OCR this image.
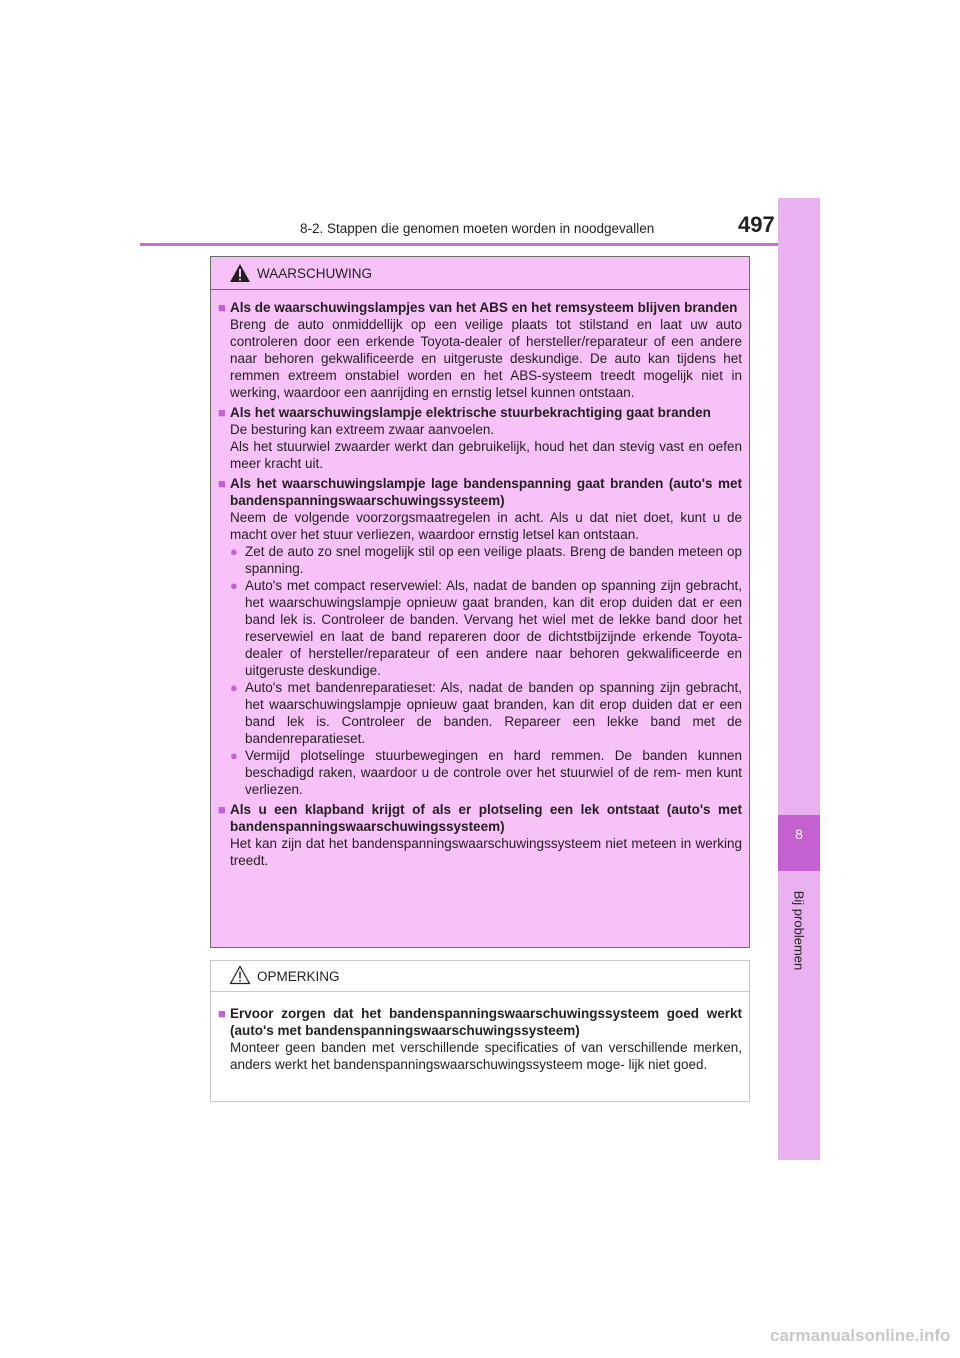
8-2. Stappen die genomen moeten worden in noodgevallen	497
8
Bij problemen
WAARSCHUWING
■ Als de waarschuwingslampjes van het ABS en het remsysteem blijven branden
Breng de auto onmiddellijk op een veilige plaats tot stilstand en laat uw auto controleren door een erkende Toyota-dealer of hersteller/reparateur of een andere naar behoren gekwalificeerde en uitgeruste deskundige. De auto kan tijdens het remmen extreem onstabiel worden en het ABS-systeem treedt mogelijk niet in werking, waardoor een aanrijding en ernstig letsel kunnen ontstaan.
■ Als het waarschuwingslampje elektrische stuurbekrachtiging gaat branden
De besturing kan extreem zwaar aanvoelen.
Als het stuurwiel zwaarder werkt dan gebruikelijk, houd het dan stevig vast en oefen meer kracht uit.
■ Als het waarschuwingslampje lage bandenspanning gaat branden (auto's met bandenspanningswaarschuwingssysteem)
Neem de volgende voorzorgsmaatregelen in acht. Als u dat niet doet, kunt u de macht over het stuur verliezen, waardoor ernstig letsel kan ontstaan.
● Zet de auto zo snel mogelijk stil op een veilige plaats. Breng de banden meteen op spanning.
● Auto's met compact reservewiel: Als, nadat de banden op spanning zijn gebracht, het waarschuwingslampje opnieuw gaat branden, kan dit erop duiden dat er een band lek is. Controleer de banden. Vervang het wiel met de lekke band door het reservewiel en laat de band repareren door de dichtstbijzijnde erkende Toyota-dealer of hersteller/reparateur of een andere naar behoren gekwalificeerde en uitgeruste deskundige.
● Auto's met bandenreparatieset: Als, nadat de banden op spanning zijn gebracht, het waarschuwingslampje opnieuw gaat branden, kan dit erop duiden dat er een band lek is. Controleer de banden. Repareer een lekke band met de bandenreparatieset.
● Vermijd plotselinge stuurbewegingen en hard remmen. De banden kunnen beschadigd raken, waardoor u de controle over het stuurwiel of de rem- men kunt verliezen.
■ Als u een klapband krijgt of als er plotseling een lek ontstaat (auto's met bandenspanningswaarschuwingssysteem)
Het kan zijn dat het bandenspanningswaarschuwingssysteem niet meteen in werking treedt.
OPMERKING
■ Ervoor zorgen dat het bandenspanningswaarschuwingssysteem goed werkt (auto's met bandenspanningswaarschuwingssysteem)
Monteer geen banden met verschillende specificaties of van verschillende merken, anders werkt het bandenspanningswaarschuwingssysteem moge- lijk niet goed.
carmanualsonline.info
